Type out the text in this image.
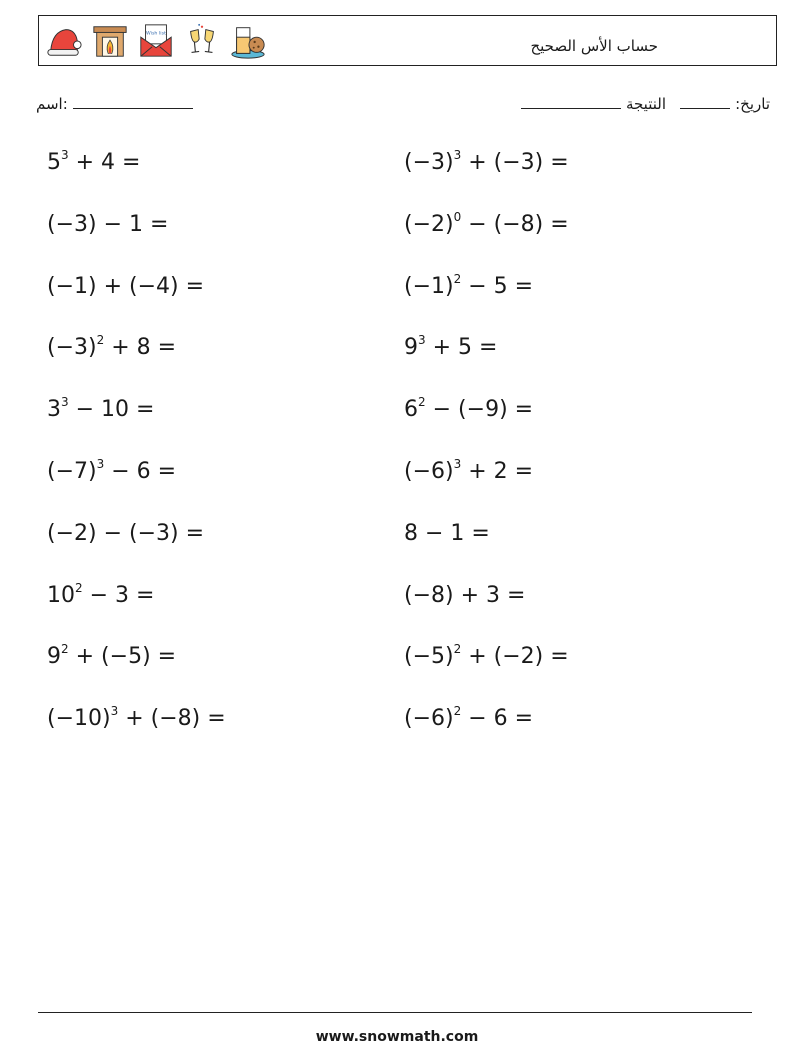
Wish list
حساب الأس الصحيح
اسم:	تاريخ:    النتيجة
$5^3 + 4$ =
(−3) − 1 =
(−1) + (−4) =
$(-3)^2 + 8$ =
$3^3 - 10$ =
$(-7)^3 - 6$ =
(−2) − (−3) =
$10^2 - 3$ =
$9^2 + (-5)$ =
$(-10)^3 + (-8)$ =
$(-3)^3 + (-3)$ =
$(-2)^0 - (-8)$ =
$(-1)^2 - 5$ =
$9^3 + 5$ =
$6^2 - (-9)$ =
$(-6)^3 + 2$ =
8 − 1 =
(−8) + 3 =
$(-5)^2 + (-2)$ =
$(-6)^2 - 6$ =
www.snowmath.com
